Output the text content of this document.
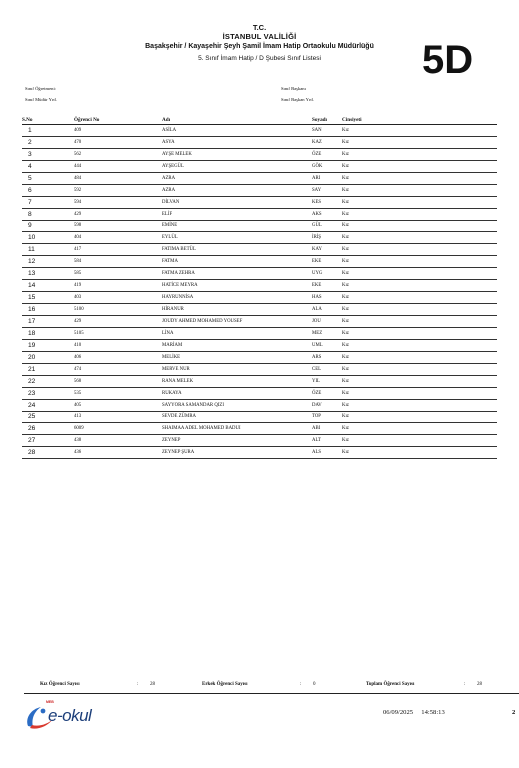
T.C.
İSTANBUL VALİLİĞİ
Başakşehir / Kayaşehir Şeyh Şamil İmam Hatip Ortaokulu Müdürlüğü
5. Sınıf İmam Hatip / D Şubesi Sınıf Listesi	5D
Sınıf Öğretmeni:	Sınıf Başkanı
Sınıf Müdür Yrd.	Sınıf Başkan Yrd.
S.No	Öğrenci No	Adı	Soyadı	Cinsiyeti
1	409	ASİLA	SAN	Kız
2	470	ASYA	KAZ	Kız
3	562	AYŞE MELEK	ÖZE	Kız
4	444	AYŞEGÜL	GÖK	Kız
5	484	AZRA	ARI	Kız
6	592	AZRA	SAY	Kız
7	594	DİLVAN	KES	Kız
8	429	ELİF	AKS	Kız
9	598	EMİNE	GÜL	Kız
10	404	EYLÜL	İRİŞ	Kız
11	417	FATIMA BETÜL	KAY	Kız
12	584	FATMA	EKE	Kız
13	585	FATMA ZEHRA	UYG	Kız
14	419	HATİCE MEYRA	EKE	Kız
15	403	HAYRUNNİSA	HAS	Kız
16	5100	HİRANUR	ALA	Kız
17	429	JOUDY AHMED MOHAMED YOUSEF	JOU	Kız
18	5105	LİNA	MEZ	Kız
19	410	MARİAM	UML	Kız
20	406	MELİKE	ARS	Kız
21	474	MERVE NUR	CEL	Kız
22	568	RANA MELEK	YIL	Kız
23	535	RUKAYA	ÖZE	Kız
24	405	SAYYORA SAMANDAR QIZI	DAV	Kız
25	413	SEVDE ZÜMRA	TOP	Kız
26	6009	SHAIMAA ADEL MOHAMED BADUI	ABI	Kız
27	438	ZEYNEP	ALT	Kız
28	436	ZEYNEP ŞURA	ALS	Kız
Kız Öğrenci Sayısı	: 28	Erkek Öğrenci Sayısı	: 0	Toplam Öğrenci Sayısı	: 28
MEB
e-okul	06/09/2025 14:58:13	2
